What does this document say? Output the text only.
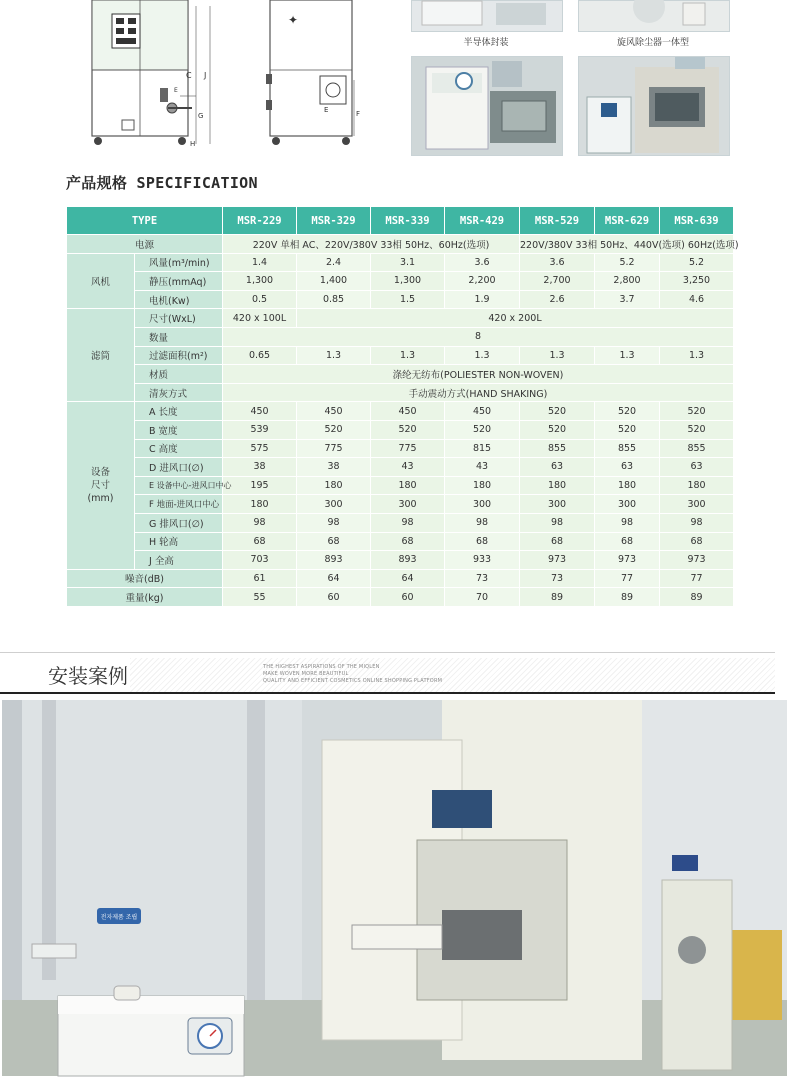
C J
E
G
H
✦
E	F
半导体封装	旋风除尘器一体型
产品规格 SPECIFICATION
TYPE		MSR-229	MSR-329	MSR-339	MSR-429	MSR-529	MSR-629	MSR-639
电源		220V 单相 AC、220V/380V 33相 50Hz、60Hz(选项)				220V/380V 33相 50Hz、440V(选项) 60Hz(选项)		
风机	风量(m³/min)	1.4	2.4	3.1	3.6	3.6	5.2	5.2
	静压(mmAq)	1,300	1,400	1,300	2,200	2,700	2,800	3,250
	电机(Kw)	0.5	0.85	1.5	1.9	2.6	3.7	4.6
滤筒	尺寸(WxL)	420 x 100L	420 x 200L					
	数量	8						
	过滤面积(m²)	0.65	1.3	1.3	1.3	1.3	1.3	1.3
	材质	涤纶无纺布(POLIESTER NON-WOVEN)						
	清灰方式	手动震动方式(HAND SHAKING)						
设备
尺寸
(mm)	A 长度	450	450	450	450	520	520	520
	B 宽度	539	520	520	520	520	520	520
	C 高度	575	775	775	815	855	855	855
	D 进风口(∅)	38	38	43	43	63	63	63
	E 设备中心-进风口中心	195	180	180	180	180	180	180
	F 地面-进风口中心	180	300	300	300	300	300	300
	G 排风口(∅)	98	98	98	98	98	98	98
	H 轮高	68	68	68	68	68	68	68
	J 全高	703	893	893	933	973	973	973
噪音(dB)		61	64	64	73	73	77	77
重量(kg)		55	60	60	70	89	89	89
安装案例	THE HIGHEST ASPIRATIONS OF THE MIQLEN
MAKE WOVEN MORE BEAUTIFUL
QUALITY AND EFFICIENT COSMETICS ONLINE SHOPPING PLATFORM
전자제품 조립
